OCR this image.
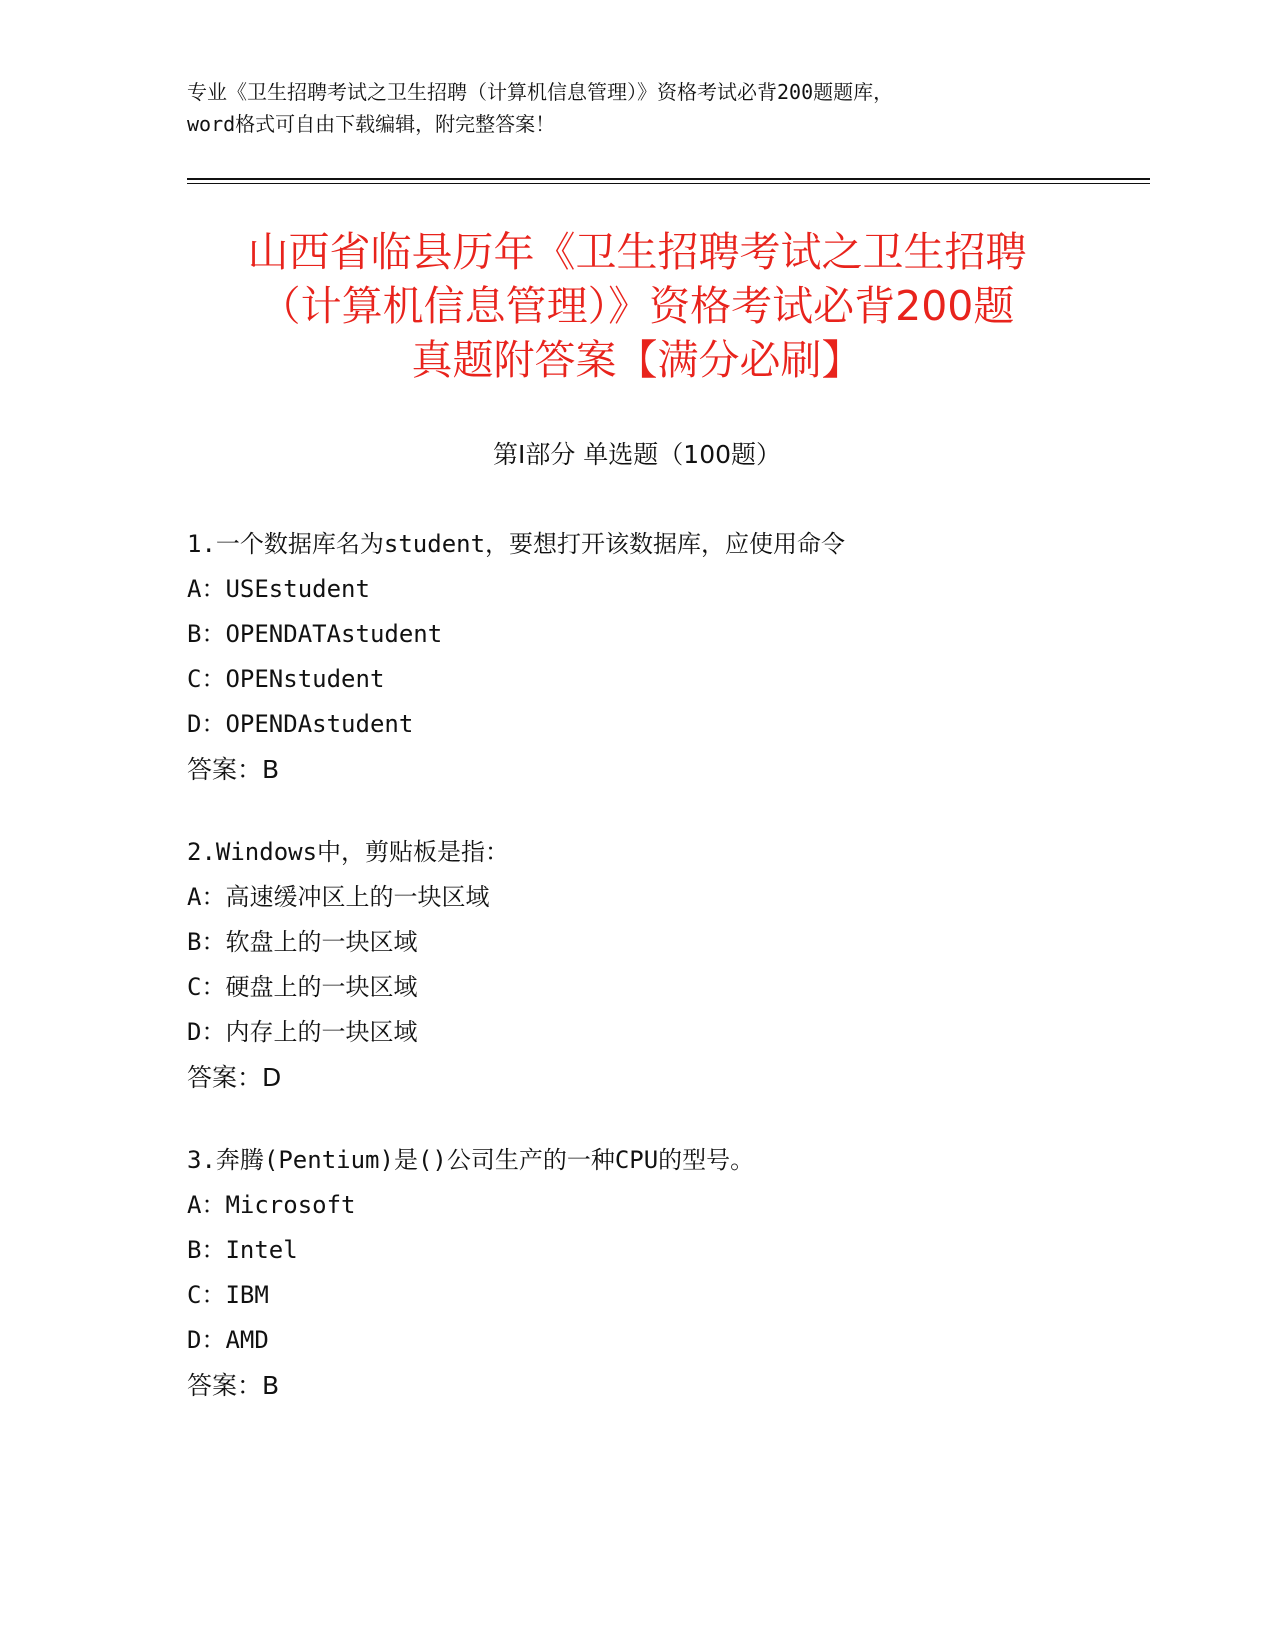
专业《卫生招聘考试之卫生招聘（计算机信息管理）》资格考试必背200题题库，
word格式可自由下载编辑，附完整答案！
山西省临县历年《卫生招聘考试之卫生招聘
（计算机信息管理）》资格考试必背200题
真题附答案【满分必刷】
第Ⅰ部分 单选题（100题）
1.一个数据库名为student，要想打开该数据库，应使用命令
A：USEstudent
B：OPENDATAstudent
C：OPENstudent
D：OPENDAstudent
答案：B
2.Windows中，剪贴板是指：
A：高速缓冲区上的一块区域
B：软盘上的一块区域
C：硬盘上的一块区域
D：内存上的一块区域
答案：D
3.奔腾(Pentium)是()公司生产的一种CPU的型号。
A：Microsoft
B：Intel
C：IBM
D：AMD
答案：B
